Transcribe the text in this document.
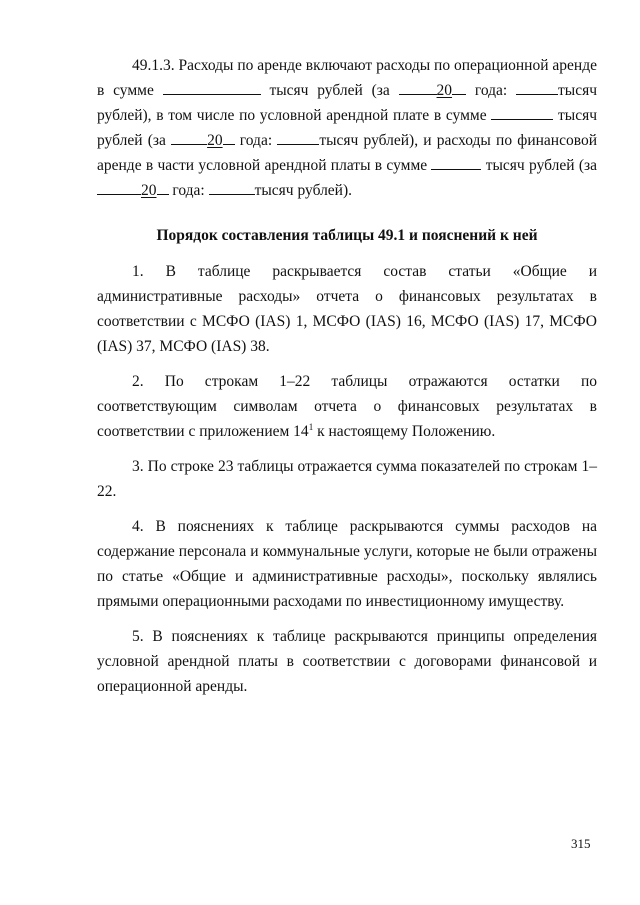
49.1.3. Расходы по аренде включают расходы по операционной аренде в сумме	тысяч рублей (за	20 года:	тысяч рублей), в том числе по условной арендной плате в сумме	тысяч рублей (за	20 года:	тысяч рублей), и расходы по финансовой аренде в части условной арендной платы в сумме	тысяч рублей (за 20 года:	тысяч рублей).

Порядок составления таблицы 49.1 и пояснений к ней

1. В таблице раскрывается состав статьи «Общие и административные расходы» отчета о финансовых результатах в соответствии с МСФО (IAS) 1, МСФО (IAS) 16, МСФО (IAS) 17, МСФО (IAS) 37, МСФО (IAS) 38.

2. По строкам 1–22 таблицы отражаются остатки по соответствующим символам отчета о финансовых результатах в соответствии с приложением $14^1$ к настоящему Положению.

3. По строке 23 таблицы отражается сумма показателей по строкам 1–22.

4. В пояснениях к таблице раскрываются суммы расходов на содержание персонала и коммунальные услуги, которые не были отражены по статье «Общие и административные расходы», поскольку являлись прямыми операционными расходами по инвестиционному имуществу.

5. В пояснениях к таблице раскрываются принципы определения условной арендной платы в соответствии с договорами финансовой и операционной аренды.

315
